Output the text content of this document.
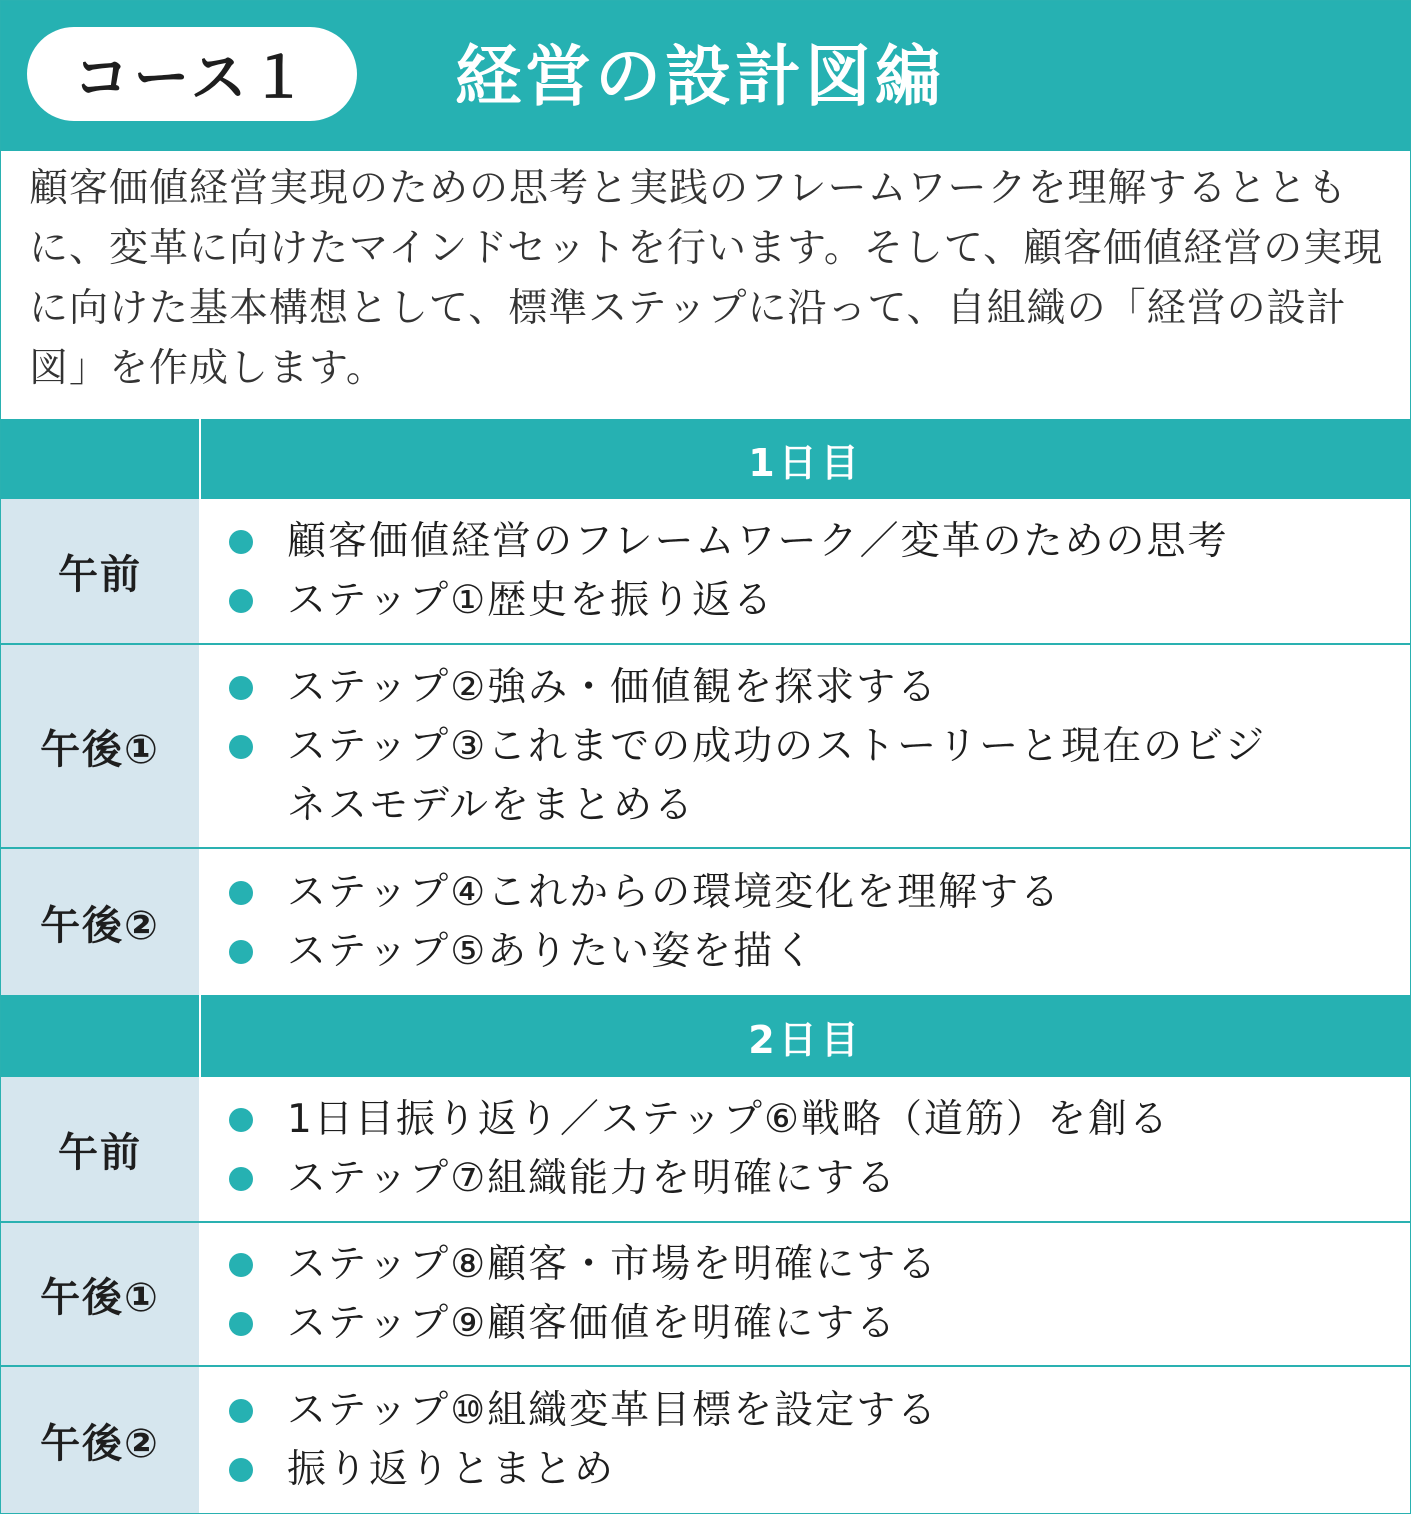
コース１	経営の設計図編

顧客価値経営実現のための思考と実践のフレームワークを理解するとともに、変革に向けたマインドセットを行います。そして、顧客価値経営の実現に向けた基本構想として、標準ステップに沿って、自組織の「経営の設計図」を作成します。

1日目
午前
顧客価値経営のフレームワーク／変革のための思考
ステップ①歴史を振り返る
午後①
ステップ②強み・価値観を探求する
ステップ③これまでの成功のストーリーと現在のビジネスモデルをまとめる
午後②
ステップ④これからの環境変化を理解する
ステップ⑤ありたい姿を描く
2日目
午前
1日目振り返り／ステップ⑥戦略（道筋）を創る
ステップ⑦組織能力を明確にする
午後①
ステップ⑧顧客・市場を明確にする
ステップ⑨顧客価値を明確にする
午後②
ステップ⑩組織変革目標を設定する
振り返りとまとめ
